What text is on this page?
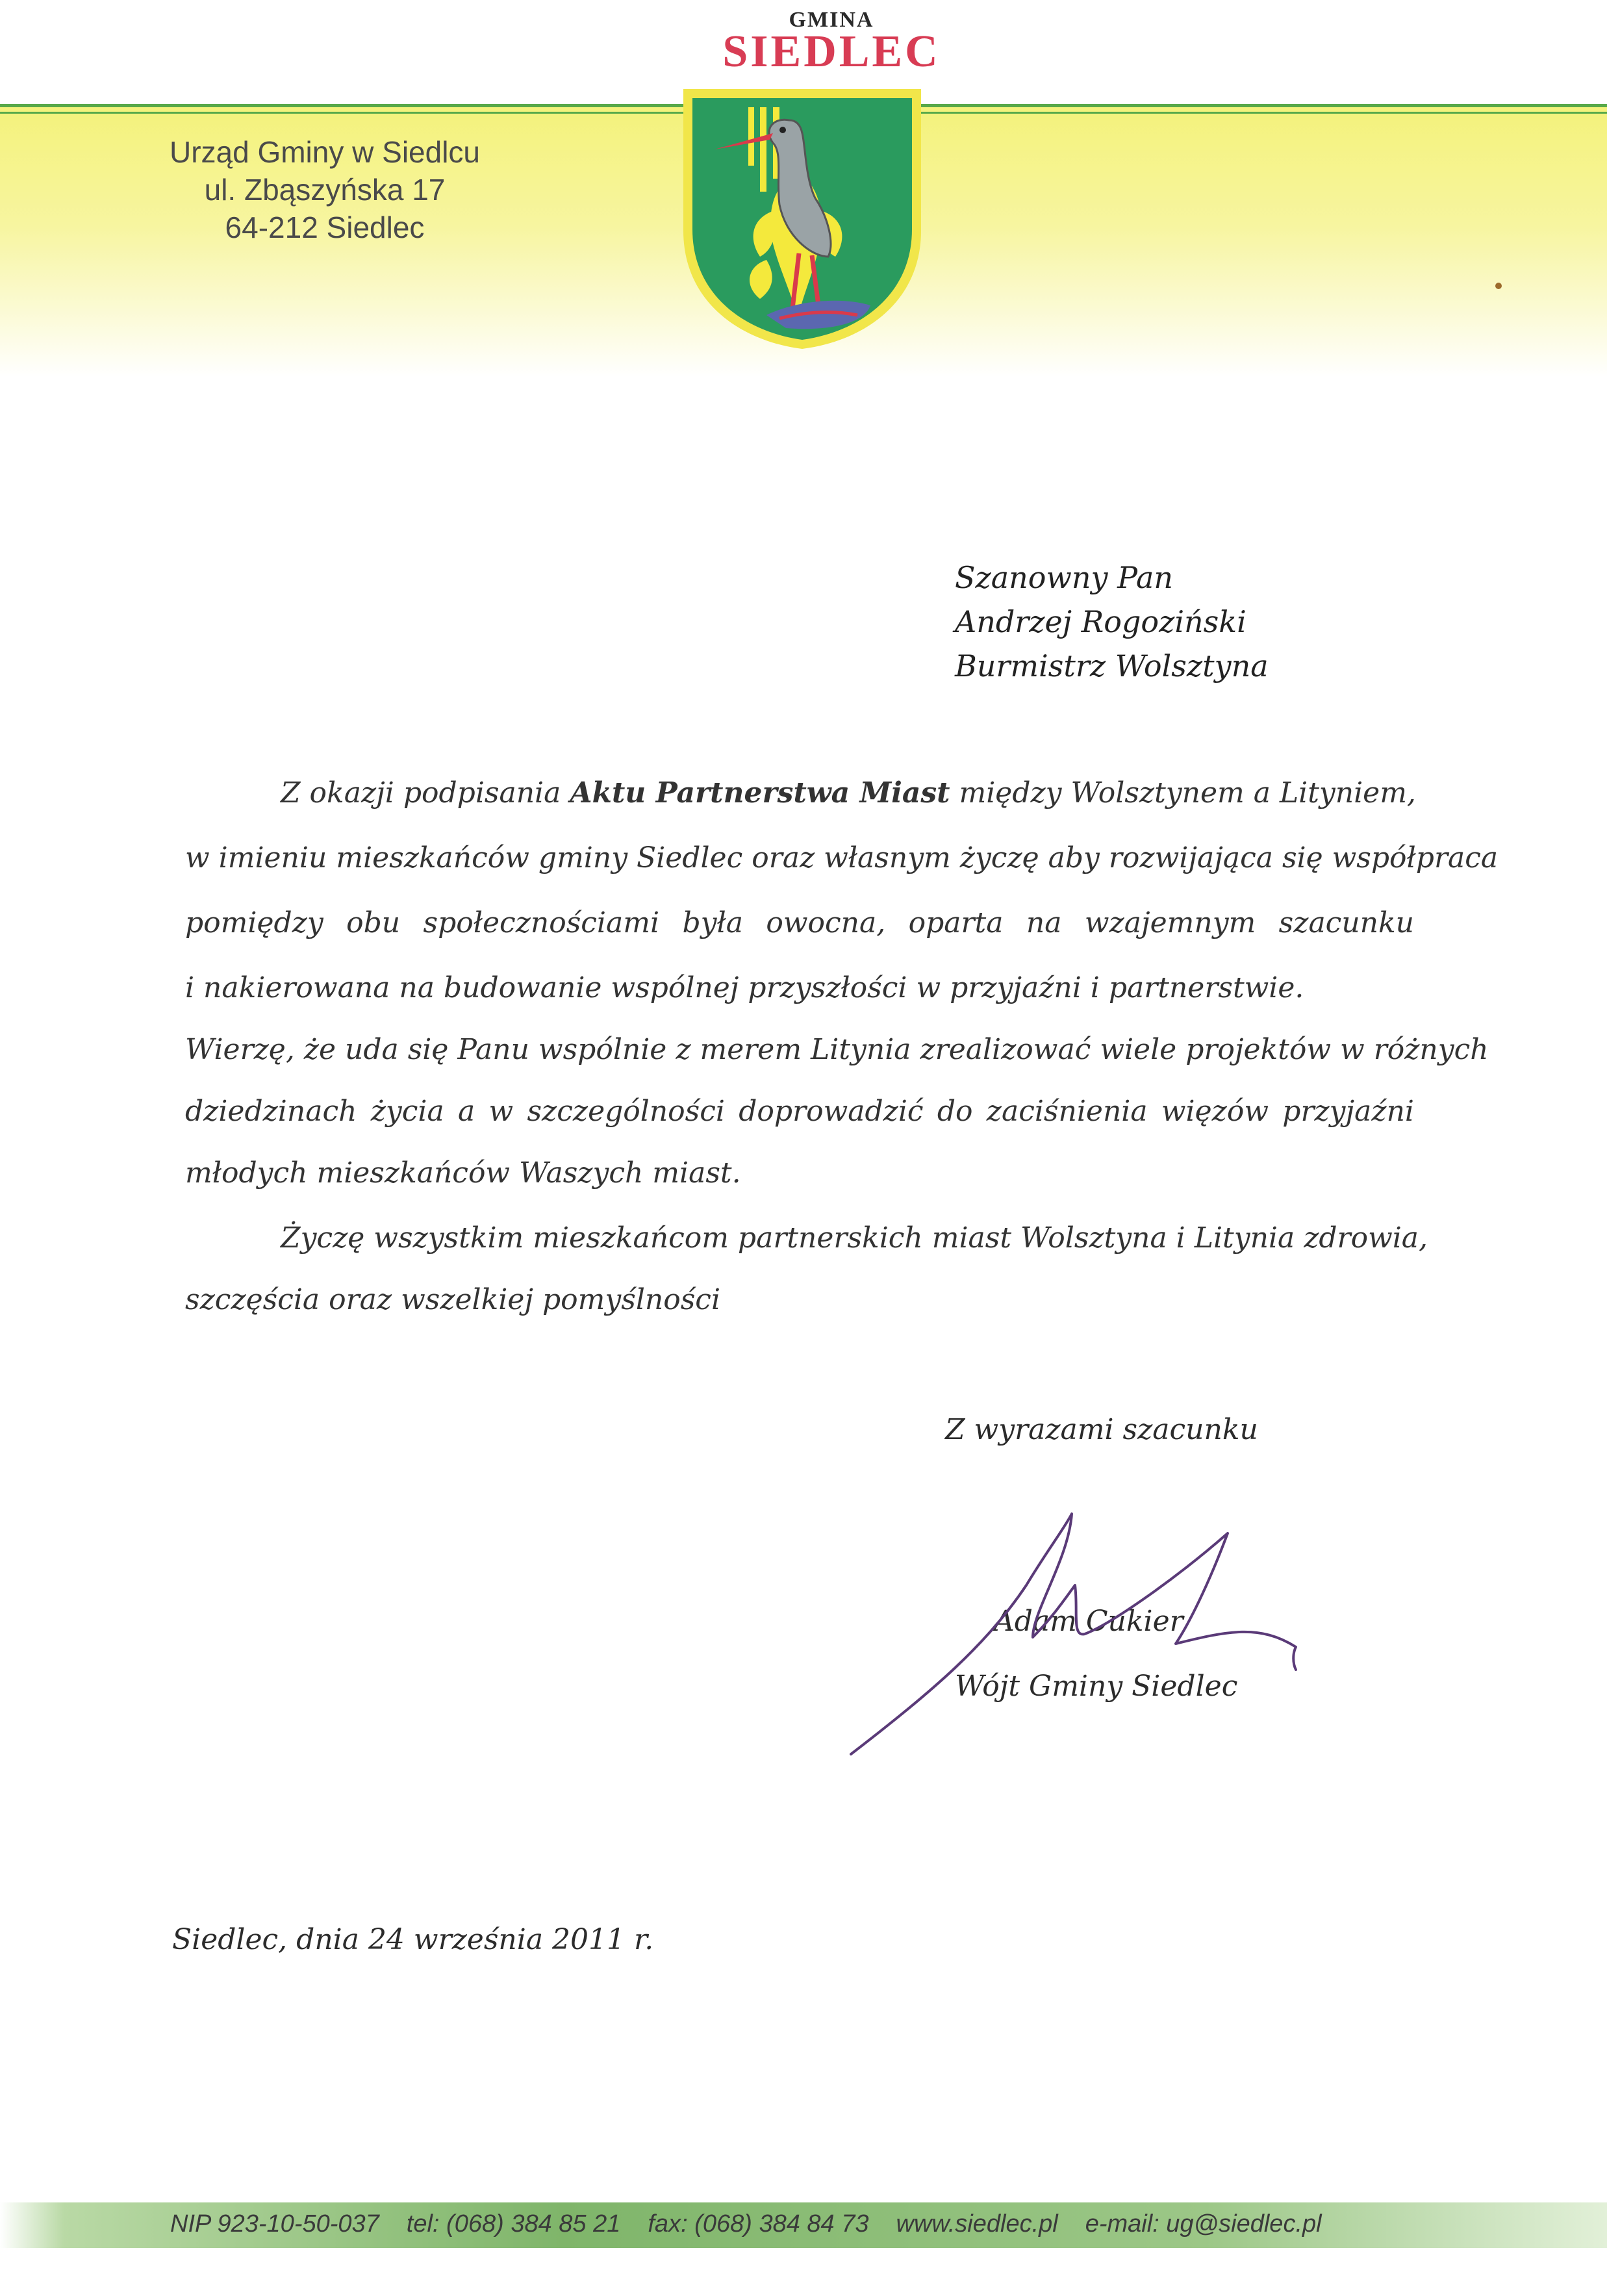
GMINA
SIEDLEC
Urząd Gminy w Siedlcu
ul. Zbąszyńska 17
64-212 Siedlec
Szanowny Pan
Andrzej Rogoziński
Burmistrz Wolsztyna
Z okazji podpisania Aktu Partnerstwa Miast między Wolsztynem a Lityniem,
w imieniu mieszkańców gminy Siedlec oraz własnym życzę aby rozwijająca się współpraca
pomiędzy obu społecznościami była owocna, oparta na wzajemnym szacunku
i nakierowana na budowanie wspólnej przyszłości w przyjaźni i partnerstwie.
Wierzę, że uda się Panu wspólnie z merem Litynia zrealizować wiele projektów w różnych
dziedzinach życia a w szczególności doprowadzić do zaciśnienia więzów przyjaźni
młodych mieszkańców Waszych miast.
Życzę wszystkim mieszkańcom partnerskich miast Wolsztyna i Litynia zdrowia,
szczęścia oraz wszelkiej pomyślności
Z wyrazami szacunku
Adam Cukier
Wójt Gminy Siedlec
Siedlec, dnia 24 września 2011 r.
NIP 923-10-50-037 tel: (068) 384 85 21 fax: (068) 384 84 73 www.siedlec.pl e-mail: ug@siedlec.pl
